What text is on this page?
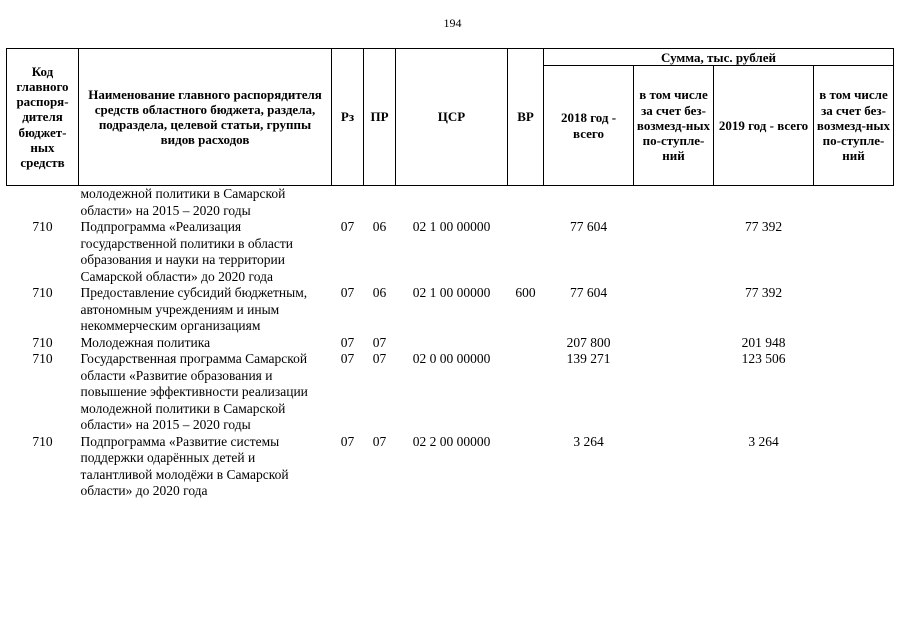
194
Код главного распоря-дителя бюджет-ных средств	Наименование главного распорядителя средств областного бюджета, раздела, подраздела, целевой статьи, группы видов расходов	Рз	ПР	ЦСР	ВР	Сумма, тыс. рублей			
						2018 год - всего	в том числе за счет без-возмезд-ных по-ступле-ний	2019 год - всего	в том числе за счет без-возмезд-ных по-ступле-ний
	молодежной политики в Самарской области» на 2015 – 2020 годы								
710	Подпрограмма «Реализация государственной политики в области образования и науки на территории Самарской области» до 2020 года	07	06	02 1 00 00000		77 604		77 392	
710	Предоставление субсидий бюджетным, автономным учреждениям и иным некоммерческим организациям	07	06	02 1 00 00000	600	77 604		77 392	
710	Молодежная политика	07	07			207 800		201 948	
710	Государственная программа Самарской области «Развитие образования и повышение эффективности реализации молодежной политики в Самарской области» на 2015 – 2020 годы	07	07	02 0 00 00000		139 271		123 506	
710	Подпрограмма «Развитие системы поддержки одарённых детей и талантливой молодёжи в Самарской области» до 2020 года	07	07	02 2 00 00000		3 264		3 264	
